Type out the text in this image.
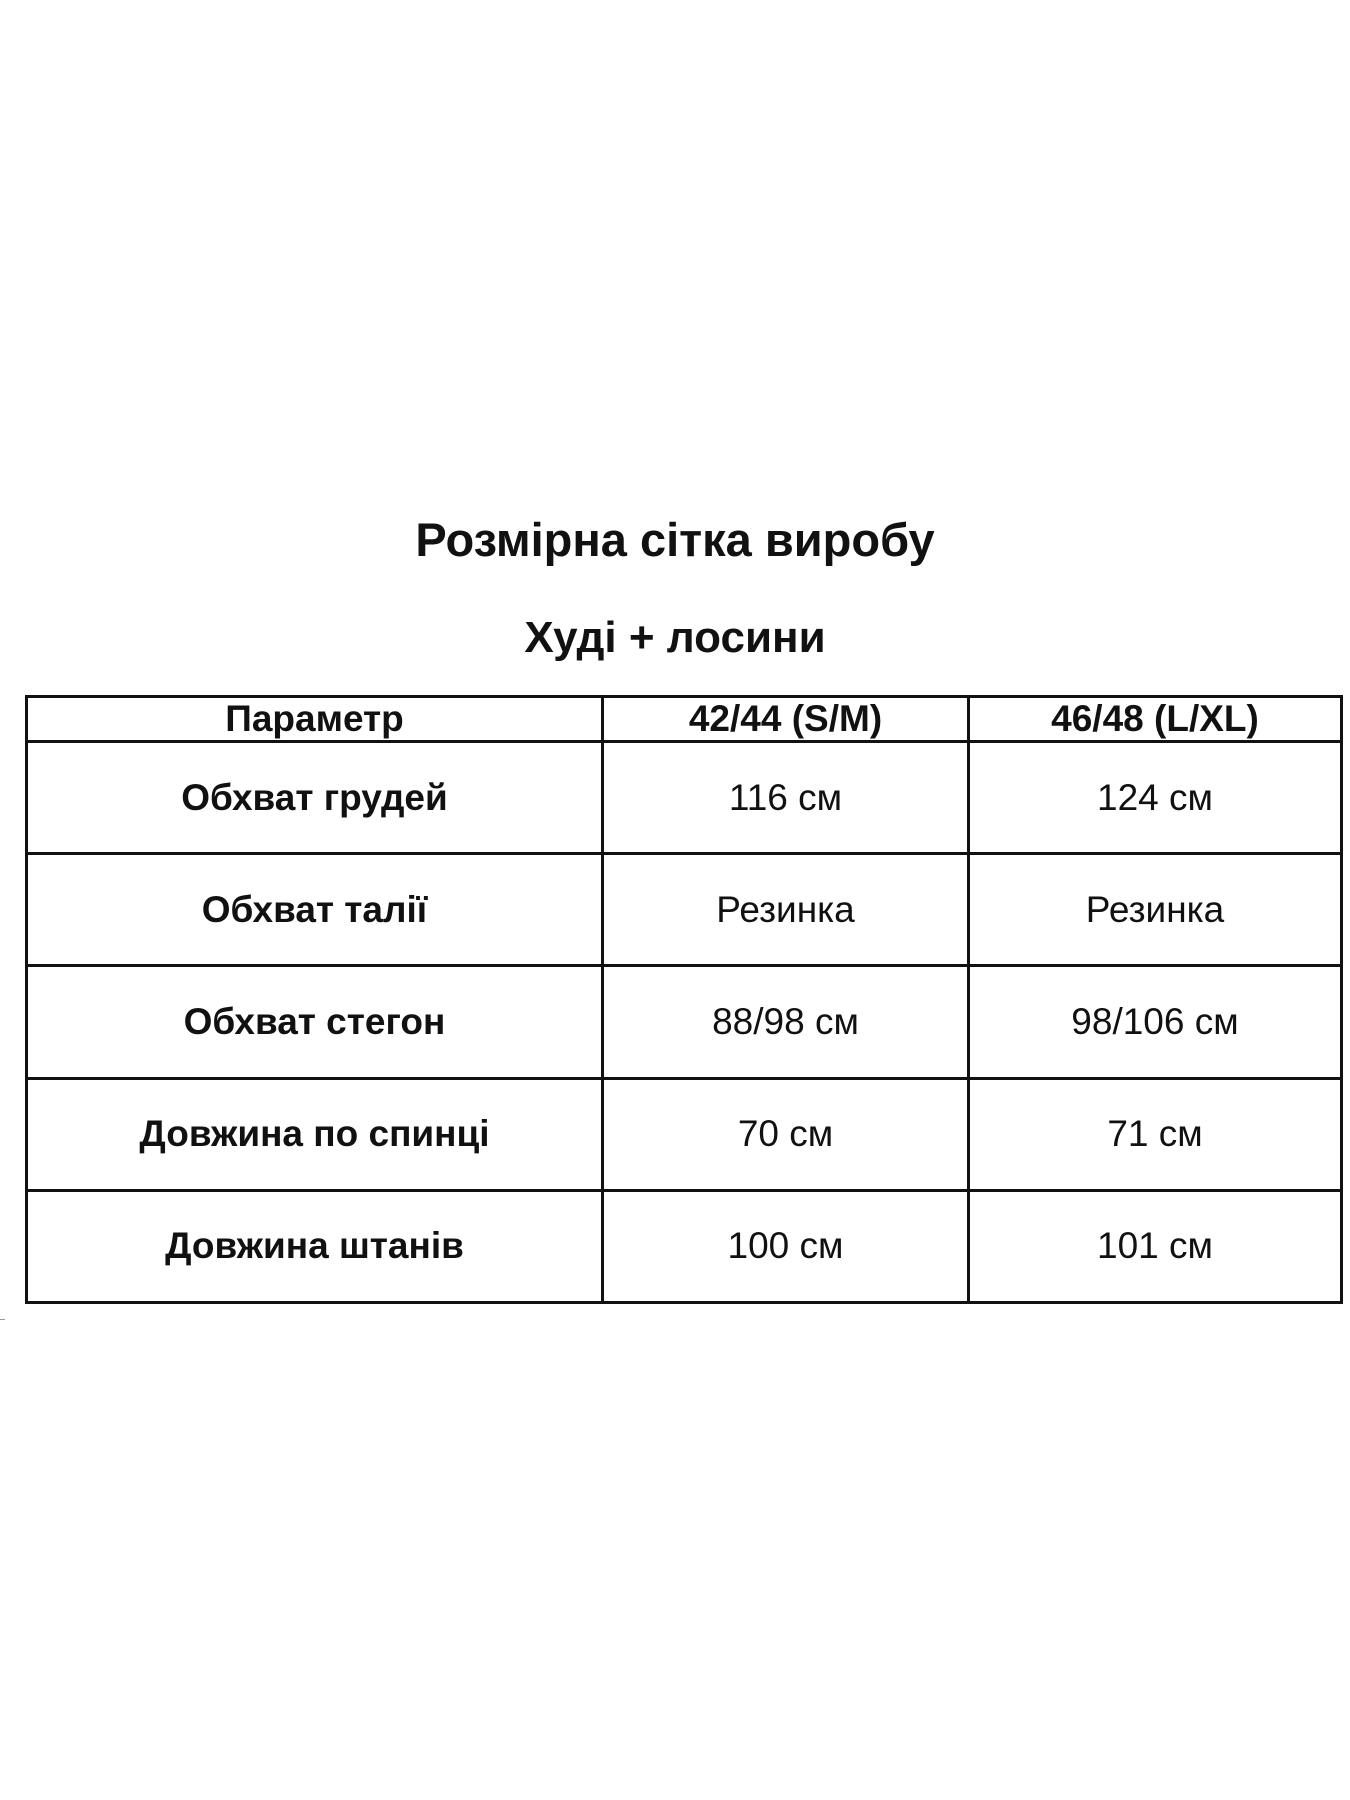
Розмірна сітка виробу
Худі + лосини
Параметр	42/44 (S/M)	46/48 (L/XL)
Обхват грудей	116 см	124 см
Обхват талії	Резинка	Резинка
Обхват стегон	88/98 см	98/106 см
Довжина по спинці	70 см	71 см
Довжина штанів	100 см	101 см
